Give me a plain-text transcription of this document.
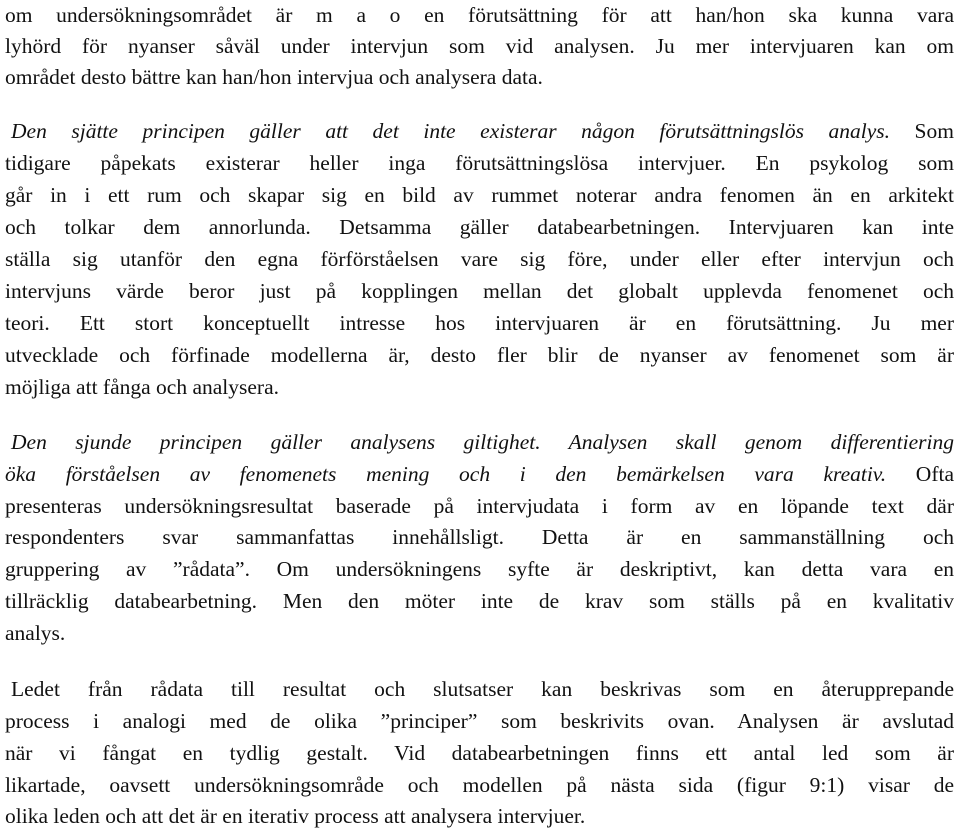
om undersökningsområdet är m a o en förutsättning för att han/hon ska kunna vara
lyhörd för nyanser såväl under intervjun som vid analysen. Ju mer intervjuaren kan om
området desto bättre kan han/hon intervjua och analysera data.
Den sjätte principen gäller att det inte existerar någon förutsättningslös analys. Som
tidigare påpekats existerar heller inga förutsättningslösa intervjuer. En psykolog som
går in i ett rum och skapar sig en bild av rummet noterar andra fenomen än en arkitekt
och tolkar dem annorlunda. Detsamma gäller databearbetningen. Intervjuaren kan inte
ställa sig utanför den egna förförståelsen vare sig före, under eller efter intervjun och
intervjuns värde beror just på kopplingen mellan det globalt upplevda fenomenet och
teori. Ett stort konceptuellt intresse hos intervjuaren är en förutsättning. Ju mer
utvecklade och förfinade modellerna är, desto fler blir de nyanser av fenomenet som är
möjliga att fånga och analysera.
Den sjunde principen gäller analysens giltighet. Analysen skall genom differentiering
öka förståelsen av fenomenets mening och i den bemärkelsen vara kreativ. Ofta
presenteras undersökningsresultat baserade på intervjudata i form av en löpande text där
respondenters svar sammanfattas innehållsligt. Detta är en sammanställning och
gruppering av ”rådata”. Om undersökningens syfte är deskriptivt, kan detta vara en
tillräcklig databearbetning. Men den möter inte de krav som ställs på en kvalitativ
analys.
Ledet från rådata till resultat och slutsatser kan beskrivas som en återupprepande
process i analogi med de olika ”principer” som beskrivits ovan. Analysen är avslutad
när vi fångat en tydlig gestalt. Vid databearbetningen finns ett antal led som är
likartade, oavsett undersökningsområde och modellen på nästa sida (figur 9:1) visar de
olika leden och att det är en iterativ process att analysera intervjuer.
